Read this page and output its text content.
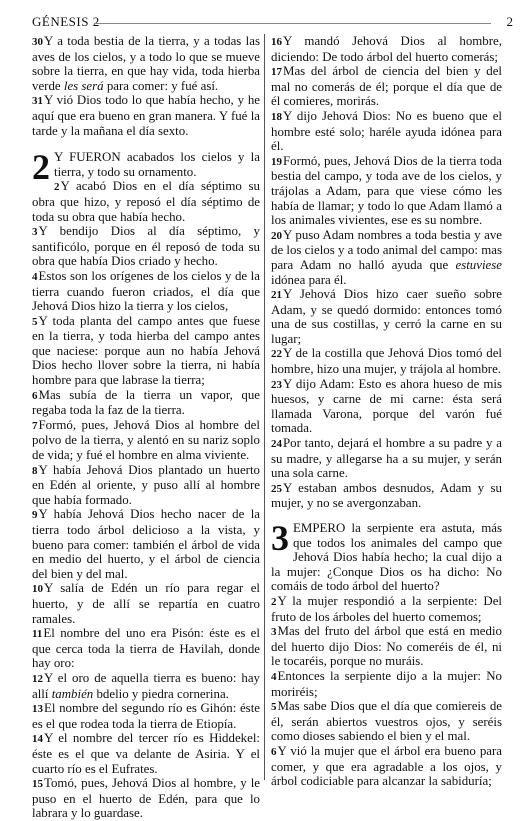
GÉNESIS 2	2

30Y a toda bestia de la tierra, y a todas las aves de los cielos, y a todo lo que se mueve sobre la tierra, en que hay vida, toda hierba verde les será para comer: y fué así.

31Y vió Dios todo lo que había hecho, y he aquí que era bueno en gran manera. Y fué la tarde y la mañana el día sexto.

2 Y FUERON acabados los cielos y la tierra, y todo su ornamento.

2Y acabó Dios en el día séptimo su obra que hizo, y reposó el día séptimo de toda su obra que había hecho.

3Y bendijo Dios al día séptimo, y santificólo, porque en él reposó de toda su obra que había Dios criado y hecho.

4Estos son los orígenes de los cielos y de la tierra cuando fueron criados, el día que Jehová Dios hizo la tierra y los cielos,

5Y toda planta del campo antes que fuese en la tierra, y toda hierba del campo antes que naciese: porque aun no había Jehová Dios hecho llover sobre la tierra, ni había hombre para que labrase la tierra;

6Mas subía de la tierra un vapor, que regaba toda la faz de la tierra.

7Formó, pues, Jehová Dios al hombre del polvo de la tierra, y alentó en su nariz soplo de vida; y fué el hombre en alma viviente.

8Y había Jehová Dios plantado un huerto en Edén al oriente, y puso allí al hombre que había formado.

9Y había Jehová Dios hecho nacer de la tierra todo árbol delicioso a la vista, y bueno para comer: también el árbol de vida en medio del huerto, y el árbol de ciencia del bien y del mal.

10Y salía de Edén un río para regar el huerto, y de allí se repartía en cuatro ramales.

11El nombre del uno era Pisón: éste es el que cerca toda la tierra de Havilah, donde hay oro:

12Y el oro de aquella tierra es bueno: hay allí también bdelio y piedra cornerina.

13El nombre del segundo río es Gihón: éste es el que rodea toda la tierra de Etiopía.

14Y el nombre del tercer río es Hiddekel: éste es el que va delante de Asiria. Y el cuarto río es el Eufrates.

15Tomó, pues, Jehová Dios al hombre, y le puso en el huerto de Edén, para que lo labrara y lo guardase.

16Y mandó Jehová Dios al hombre, diciendo: De todo árbol del huerto comerás;

17Mas del árbol de ciencia del bien y del mal no comerás de él; porque el día que de él comieres, morirás.

18Y dijo Jehová Dios: No es bueno que el hombre esté solo; haréle ayuda idónea para él.

19Formó, pues, Jehová Dios de la tierra toda bestia del campo, y toda ave de los cielos, y trájolas a Adam, para que viese cómo les había de llamar; y todo lo que Adam llamó a los animales vivientes, ese es su nombre.

20Y puso Adam nombres a toda bestia y ave de los cielos y a todo animal del campo: mas para Adam no halló ayuda que estuviese idónea para él.

21Y Jehová Dios hizo caer sueño sobre Adam, y se quedó dormido: entonces tomó una de sus costillas, y cerró la carne en su lugar;

22Y de la costilla que Jehová Dios tomó del hombre, hizo una mujer, y trájola al hombre.

23Y dijo Adam: Esto es ahora hueso de mis huesos, y carne de mi carne: ésta será llamada Varona, porque del varón fué tomada.

24Por tanto, dejará el hombre a su padre y a su madre, y allegarse ha a su mujer, y serán una sola carne.

25Y estaban ambos desnudos, Adam y su mujer, y no se avergonzaban.

3 EMPERO la serpiente era astuta, más que todos los animales del campo que Jehová Dios había hecho; la cual dijo a la mujer: ¿Conque Dios os ha dicho: No comáis de todo árbol del huerto?

2Y la mujer respondió a la serpiente: Del fruto de los árboles del huerto comemos;

3Mas del fruto del árbol que está en medio del huerto dijo Dios: No comeréis de él, ni le tocaréis, porque no muráis.

4Entonces la serpiente dijo a la mujer: No moriréis;

5Mas sabe Dios que el día que comiereis de él, serán abiertos vuestros ojos, y seréis como dioses sabiendo el bien y el mal.

6Y vió la mujer que el árbol era bueno para comer, y que era agradable a los ojos, y árbol codiciable para alcanzar la sabiduría;
